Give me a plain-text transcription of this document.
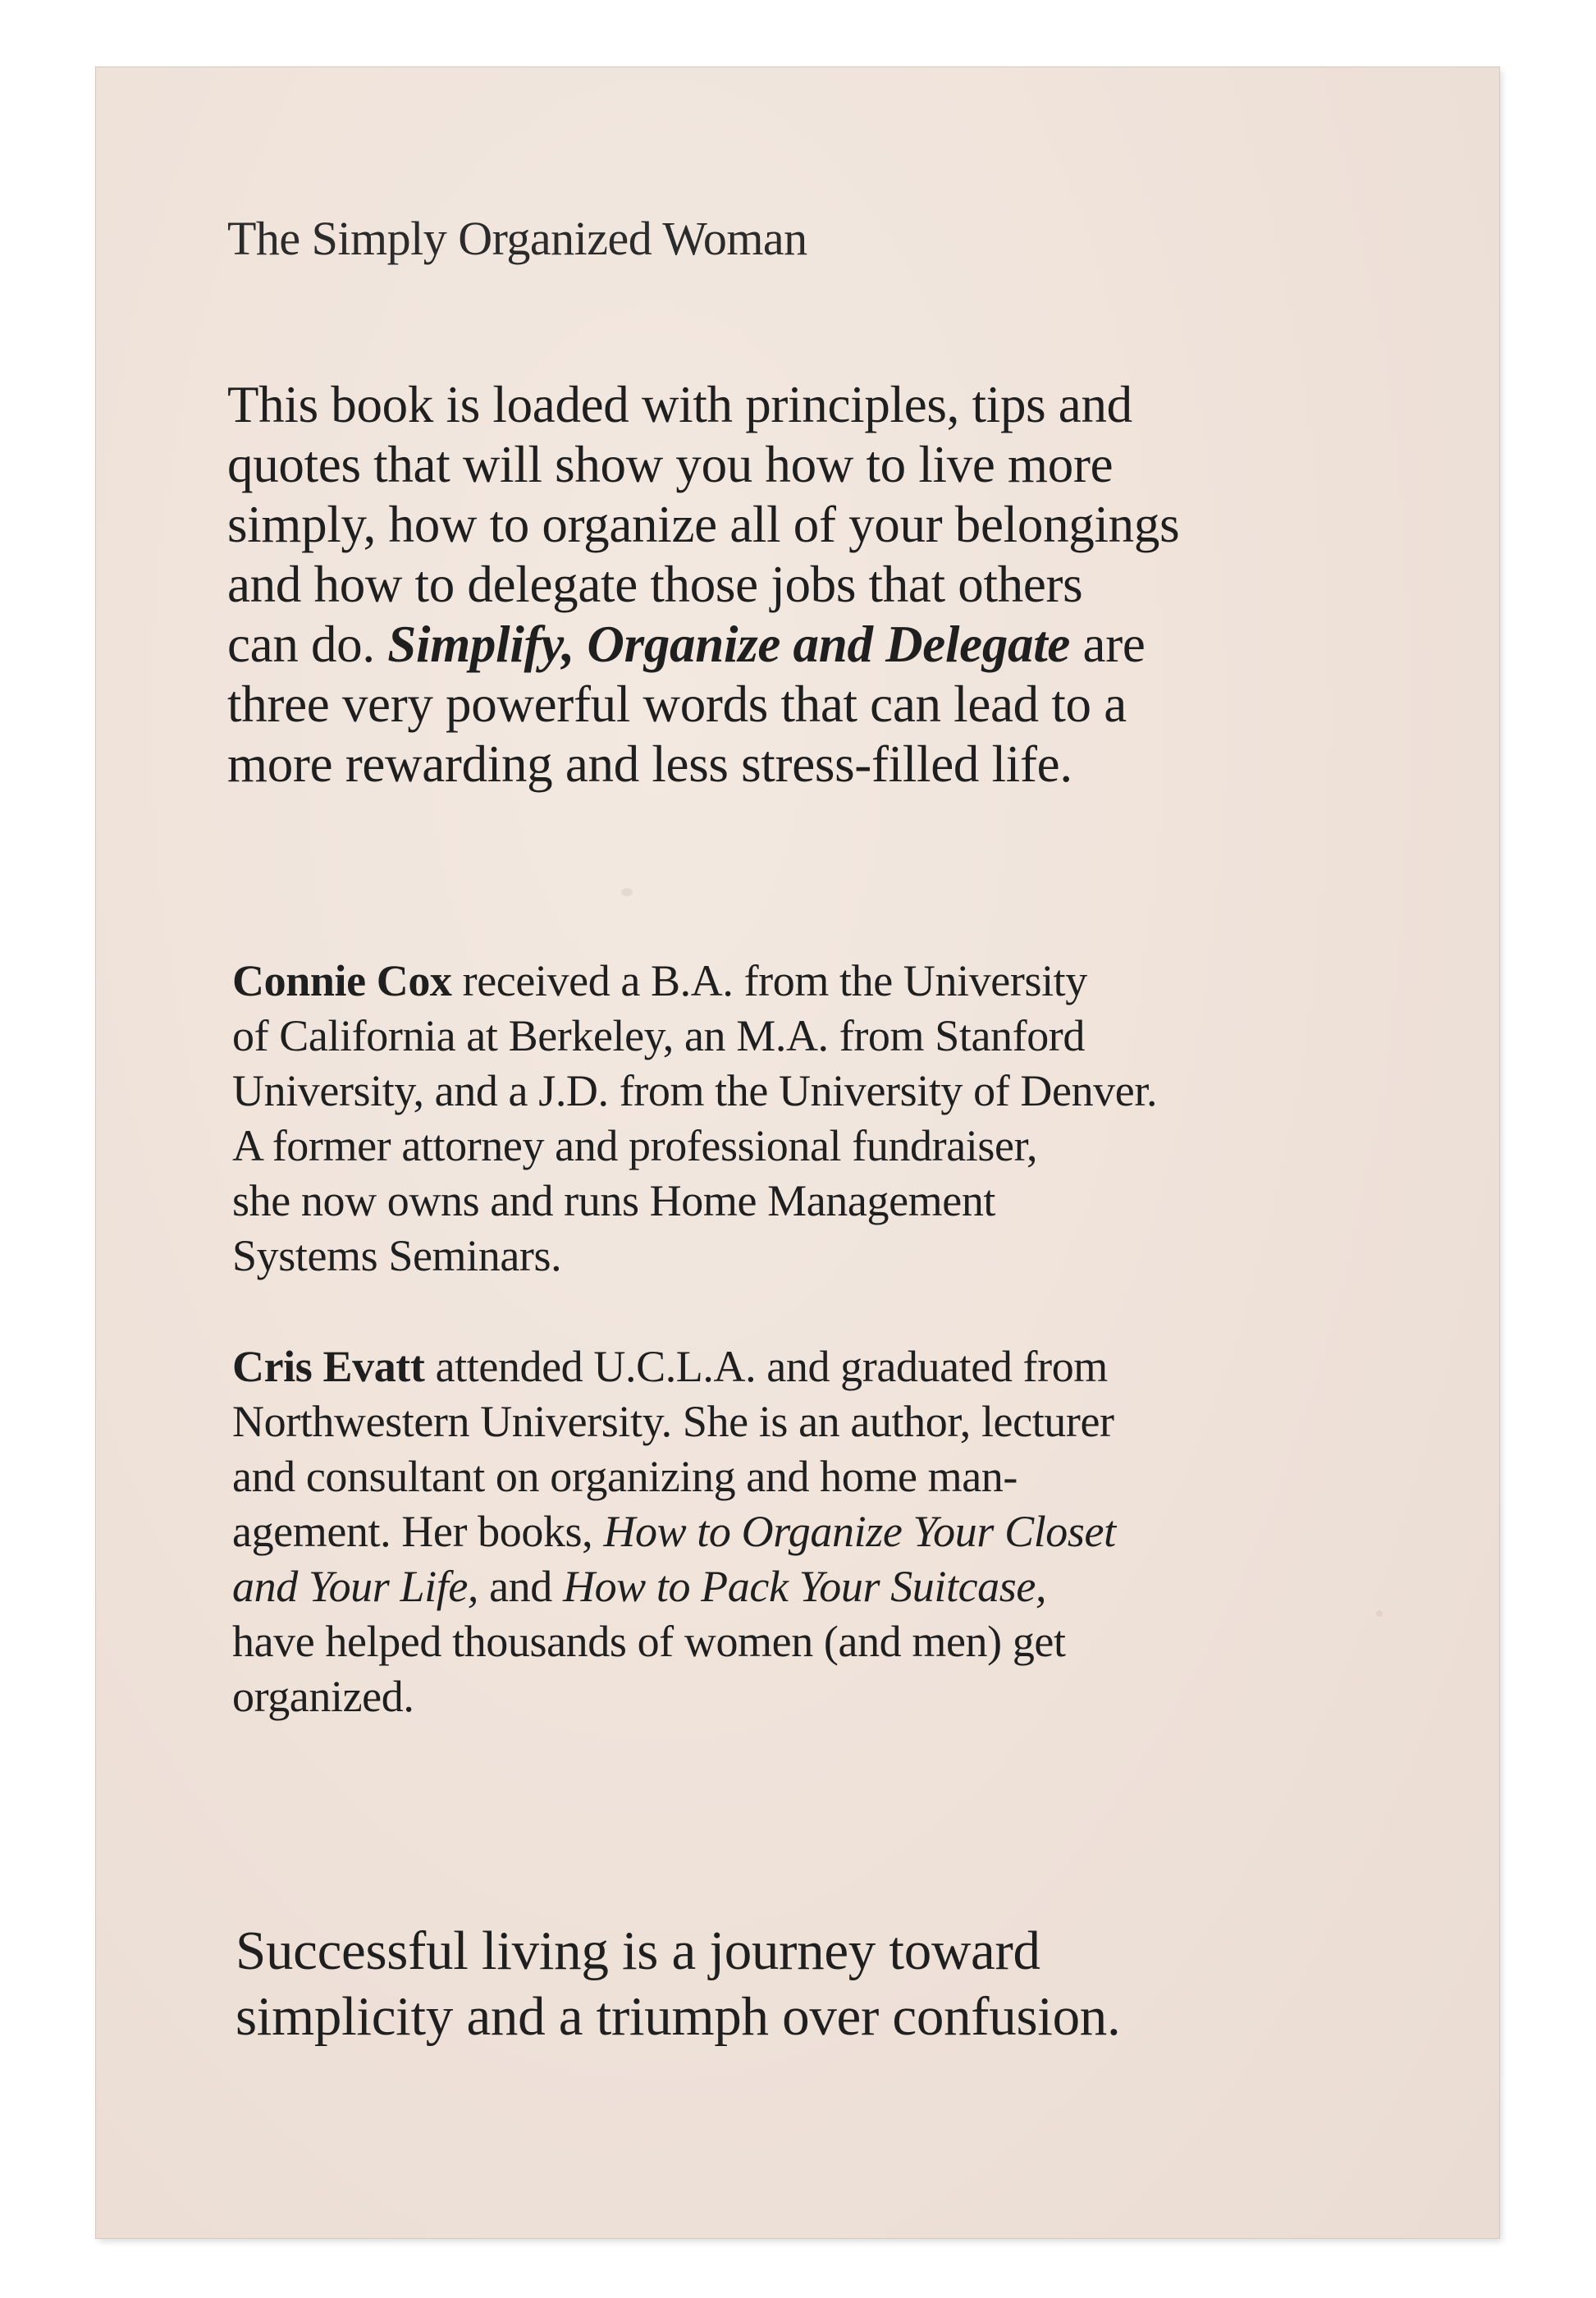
The Simply Organized Woman
This book is loaded with principles, tips and
quotes that will show you how to live more
simply, how to organize all of your belongings
and how to delegate those jobs that others
can do. Simplify, Organize and Delegate are
three very powerful words that can lead to a
more rewarding and less stress-filled life.
Connie Cox received a B.A. from the University
of California at Berkeley, an M.A. from Stanford
University, and a J.D. from the University of Denver.
A former attorney and professional fundraiser,
she now owns and runs Home Management
Systems Seminars.
Cris Evatt attended U.C.L.A. and graduated from
Northwestern University. She is an author, lecturer
and consultant on organizing and home man-
agement. Her books, How to Organize Your Closet
and Your Life, and How to Pack Your Suitcase,
have helped thousands of women (and men) get
organized.
Successful living is a journey toward
simplicity and a triumph over confusion.
